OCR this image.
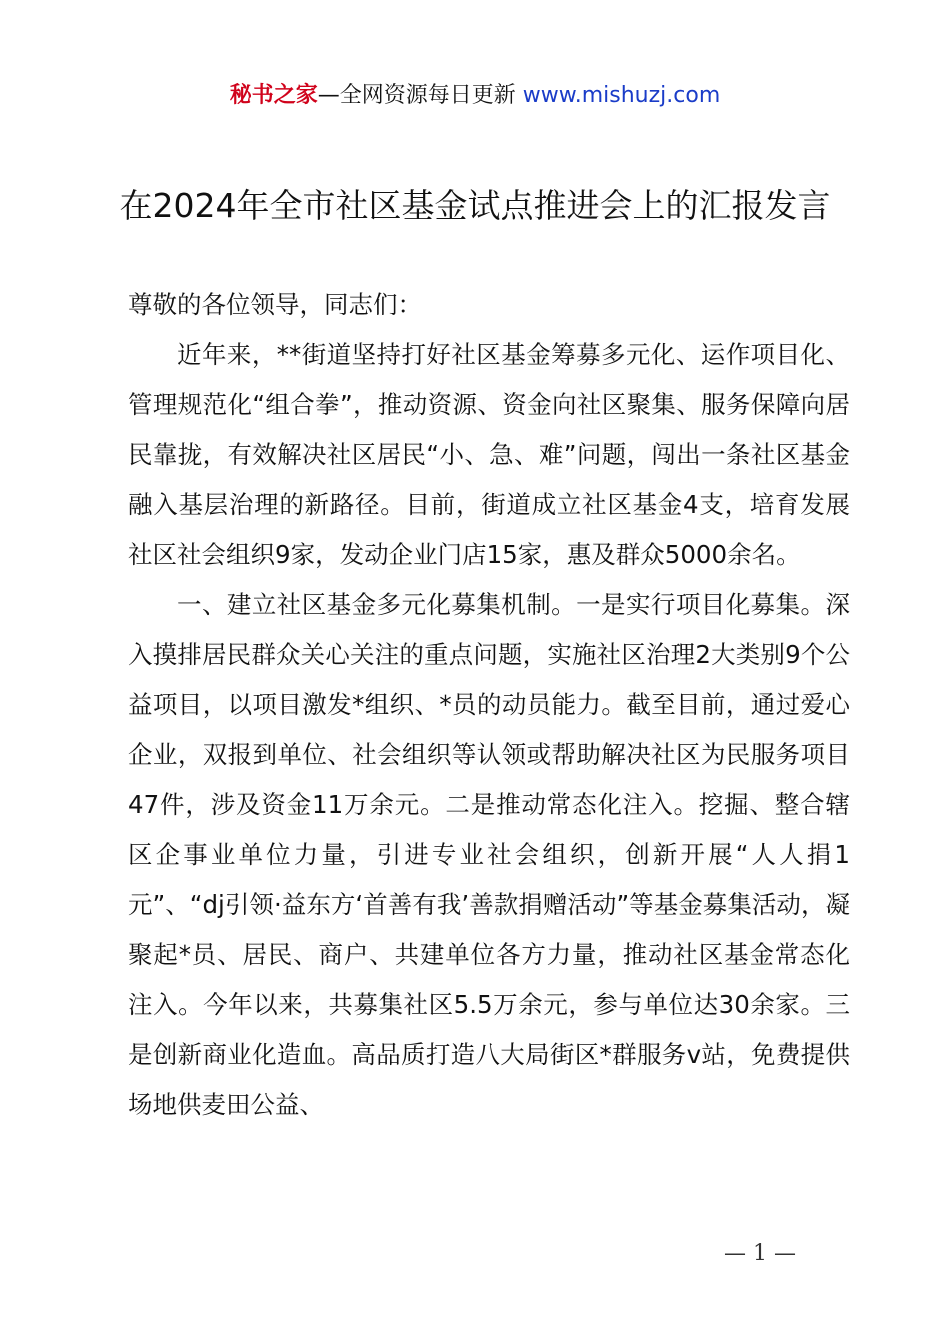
秘书之家—全网资源每日更新 www.mishuzj.com
在2024年全市社区基金试点推进会上的汇报发言

尊敬的各位领导，同志们：

近年来，**街道坚持打好社区基金筹募多元化、运作项目化、管理规范化“组合拳”，推动资源、资金向社区聚集、服务保障向居民靠拢，有效解决社区居民“小、急、难”问题，闯出一条社区基金融入基层治理的新路径。目前，街道成立社区基金4支，培育发展社区社会组织9家，发动企业门店15家，惠及群众5000余名。

一、建立社区基金多元化募集机制。一是实行项目化募集。深入摸排居民群众关心关注的重点问题，实施社区治理2大类别9个公益项目，以项目激发*组织、*员的动员能力。截至目前，通过爱心企业，双报到单位、社会组织等认领或帮助解决社区为民服务项目47件，涉及资金11万余元。二是推动常态化注入。挖掘、整合辖区企事业单位力量，引进专业社会组织，创新开展“人人捐1元”、“dj引领·益东方‘首善有我’善款捐赠活动”等基金募集活动，凝聚起*员、居民、商户、共建单位各方力量，推动社区基金常态化注入。今年以来，共募集社区5.5万余元，参与单位达30余家。三是创新商业化造血。高品质打造八大局街区*群服务v站，免费提供场地供麦田公益、

— 1 —
